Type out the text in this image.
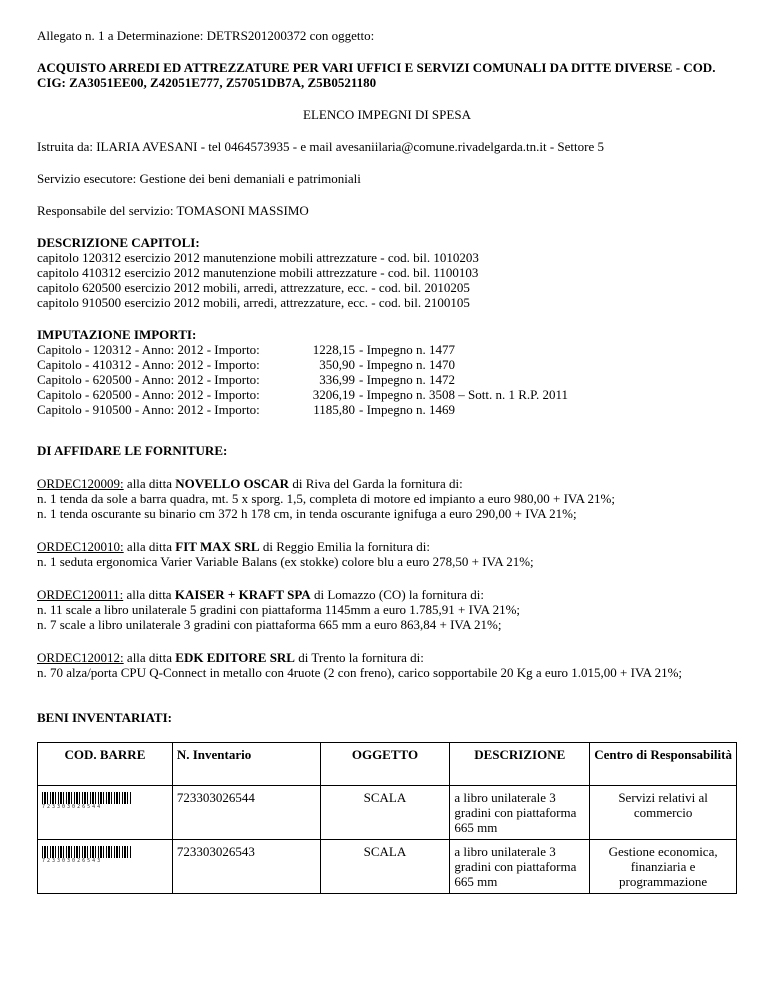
Allegato n. 1 a Determinazione: DETRS201200372 con oggetto:

ACQUISTO ARREDI ED ATTREZZATURE PER VARI UFFICI E SERVIZI COMUNALI DA DITTE DIVERSE - COD. CIG: ZA3051EE00, Z42051E777, Z57051DB7A, Z5B0521180

ELENCO IMPEGNI DI SPESA

Istruita da: ILARIA AVESANI - tel 0464573935 - e mail avesaniilaria@comune.rivadelgarda.tn.it - Settore 5

Servizio esecutore: Gestione dei beni demaniali e patrimoniali

Responsabile del servizio: TOMASONI MASSIMO

DESCRIZIONE CAPITOLI:

capitolo 120312 esercizio 2012 manutenzione mobili attrezzature - cod. bil. 1010203

capitolo 410312 esercizio 2012 manutenzione mobili attrezzature - cod. bil. 1100103

capitolo 620500 esercizio 2012 mobili, arredi, attrezzature, ecc. - cod. bil. 2010205

capitolo 910500 esercizio 2012 mobili, arredi, attrezzature, ecc. - cod. bil. 2100105

IMPUTAZIONE IMPORTI:

Capitolo - 120312 - Anno: 2012 - Importo:	1228,15 - Impegno n. 1477
Capitolo - 410312 - Anno: 2012 - Importo:	350,90 - Impegno n. 1470
Capitolo - 620500 - Anno: 2012 - Importo:	336,99 - Impegno n. 1472
Capitolo - 620500 - Anno: 2012 - Importo:	3206,19 - Impegno n. 3508 – Sott. n. 1 R.P. 2011
Capitolo - 910500 - Anno: 2012 - Importo:	1185,80 - Impegno n. 1469

DI AFFIDARE LE FORNITURE:

ORDEC120009: alla ditta NOVELLO OSCAR di Riva del Garda la fornitura di:

n. 1 tenda da sole a barra quadra, mt. 5 x sporg. 1,5, completa di motore ed impianto a euro 980,00 + IVA 21%;

n. 1 tenda oscurante su binario cm 372 h 178 cm, in tenda oscurante ignifuga a euro 290,00 + IVA 21%;

ORDEC120010: alla ditta FIT MAX SRL di Reggio Emilia la fornitura di:

n. 1 seduta ergonomica Varier Variable Balans (ex stokke) colore blu a euro 278,50 + IVA 21%;

ORDEC120011: alla ditta KAISER + KRAFT SPA di Lomazzo (CO) la fornitura di:

n. 11 scale a libro unilaterale 5 gradini con piattaforma 1145mm a euro 1.785,91 + IVA 21%;

n. 7 scale a libro unilaterale 3 gradini con piattaforma 665 mm a euro 863,84 + IVA 21%;

ORDEC120012: alla ditta EDK EDITORE SRL di Trento la fornitura di:

n. 70 alza/porta CPU Q-Connect in metallo con 4ruote (2 con freno), carico sopportabile 20 Kg a euro 1.015,00 + IVA 21%;

BENI INVENTARIATI:

COD. BARRE	N. Inventario	OGGETTO	DESCRIZIONE	Centro di Responsabilità

723303026544	723303026544	SCALA	a libro unilaterale 3 gradini con piattaforma 665 mm	Servizi relativi al commercio

723303026543	723303026543	SCALA	a libro unilaterale 3 gradini con piattaforma 665 mm	Gestione economica, finanziaria e programmazione
